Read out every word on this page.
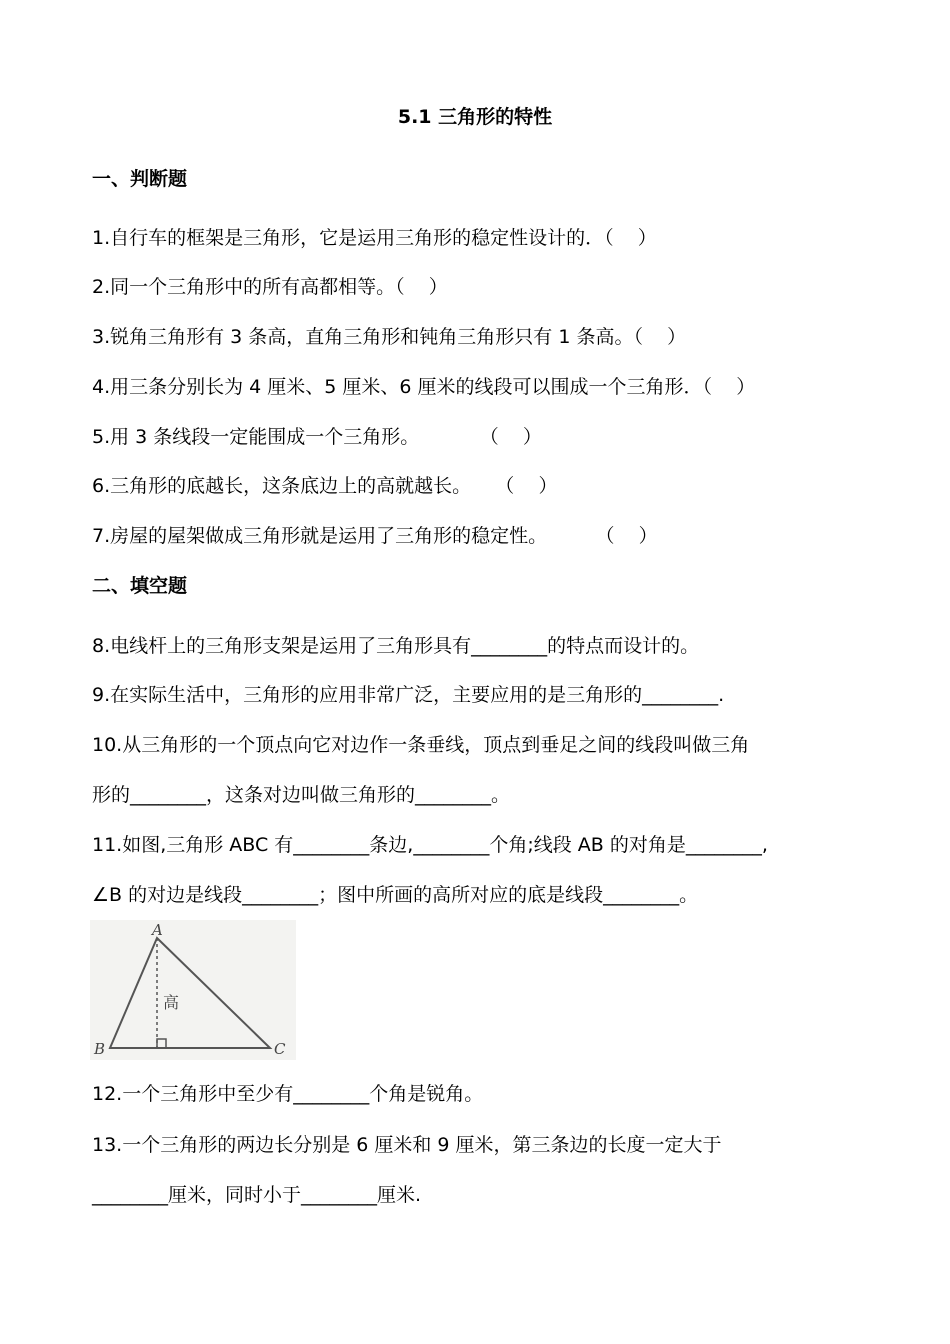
5.1 三角形的特性
一、判断题
1.自行车的框架是三角形，它是运用三角形的稳定性设计的．（    ）
2.同一个三角形中的所有高都相等。（    ）
3.锐角三角形有 3 条高，直角三角形和钝角三角形只有 1 条高。（    ）
4.用三条分别长为 4 厘米、5 厘米、6 厘米的线段可以围成一个三角形．（    ）
5.用 3 条线段一定能围成一个三角形。          （    ）
6.三角形的底越长，这条底边上的高就越长。    （    ）
7.房屋的屋架做成三角形就是运用了三角形的稳定性。        （    ）
二、填空题
8.电线杆上的三角形支架是运用了三角形具有________的特点而设计的。
9.在实际生活中，三角形的应用非常广泛，主要应用的是三角形的________.
10.从三角形的一个顶点向它对边作一条垂线，顶点到垂足之间的线段叫做三角
形的________，这条对边叫做三角形的________。
11.如图,三角形 ABC 有________条边,________个角;线段 AB 的对角是________,
∠B 的对边是线段________；图中所画的高所对应的底是线段________。
A
B	C
高
12.一个三角形中至少有________个角是锐角。
13.一个三角形的两边长分别是 6 厘米和 9 厘米，第三条边的长度一定大于
________厘米，同时小于________厘米.
